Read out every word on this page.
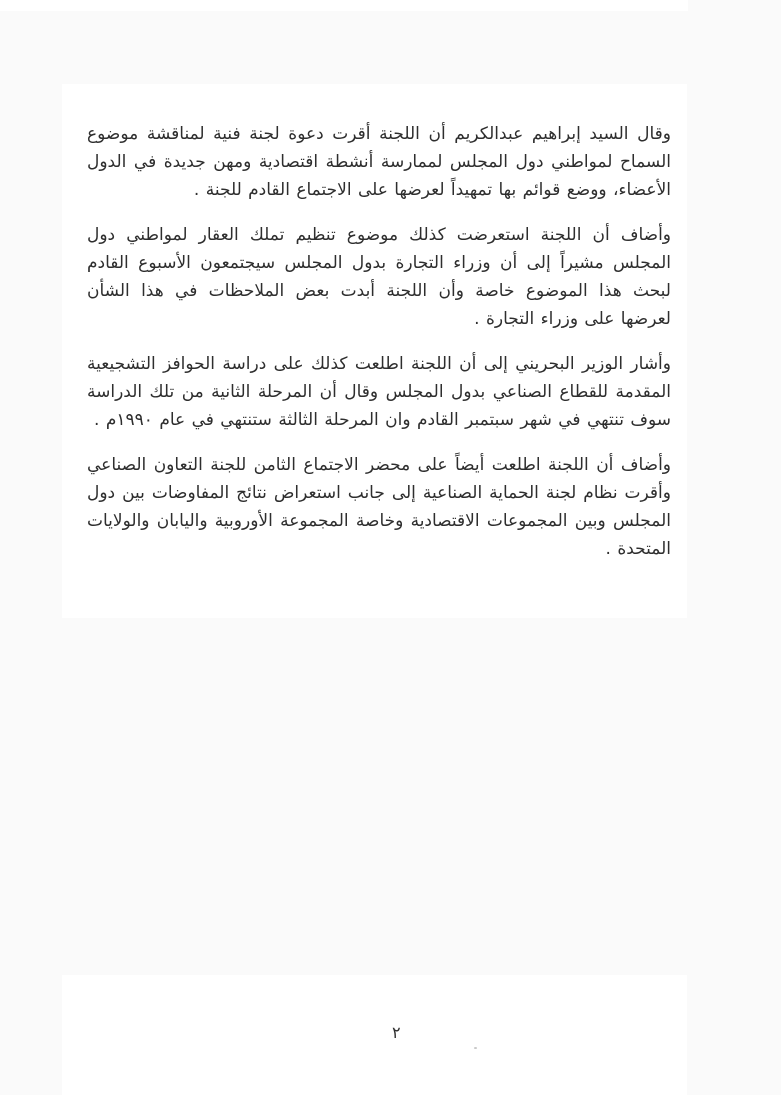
وقال السيد إبراهيم عبدالكريم أن اللجنة أقرت دعوة لجنة فنية لمناقشة موضوع السماح لمواطني دول المجلس لممارسة أنشطة اقتصادية ومهن جديدة في الدول الأعضاء، ووضع قوائم بها تمهيداً لعرضها على الاجتماع القادم للجنة .

وأضاف أن اللجنة استعرضت كذلك موضوع تنظيم تملك العقار لمواطني دول المجلس مشيراً إلى أن وزراء التجارة بدول المجلس سيجتمعون الأسبوع القادم لبحث هذا الموضوع خاصة وأن اللجنة أبدت بعض الملاحظات في هذا الشأن لعرضها على وزراء التجارة .

وأشار الوزير البحريني إلى أن اللجنة اطلعت كذلك على دراسة الحوافز التشجيعية المقدمة للقطاع الصناعي بدول المجلس وقال أن المرحلة الثانية من تلك الدراسة سوف تنتهي في شهر سبتمبر القادم وان المرحلة الثالثة ستنتهي في عام ١٩٩٠م .

وأضاف أن اللجنة اطلعت أيضاً على محضر الاجتماع الثامن للجنة التعاون الصناعي وأقرت نظام لجنة الحماية الصناعية إلى جانب استعراض نتائج المفاوضات بين دول المجلس وبين المجموعات الاقتصادية وخاصة المجموعة الأوروبية واليابان والولايات المتحدة .

٢
